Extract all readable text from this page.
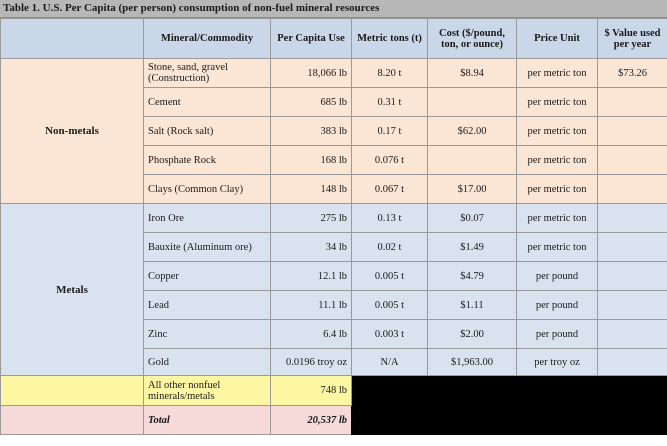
Table 1. U.S. Per Capita (per person) consumption of non-fuel mineral resources
	Mineral/Commodity	Per Capita Use	Metric tons (t)	Cost ($/pound, ton, or ounce)	Price Unit	$ Value used per year
Non-metals	Stone, sand, gravel (Construction)	18,066 lb	8.20 t	$8.94	per metric ton	$73.26
	Cement	685 lb	0.31 t		per metric ton	
	Salt (Rock salt)	383 lb	0.17 t	$62.00	per metric ton	
	Phosphate Rock	168 lb	0.076 t		per metric ton	
	Clays (Common Clay)	148 lb	0.067 t	$17.00	per metric ton	
Metals	Iron Ore	275 lb	0.13 t	$0.07	per metric ton	
	Bauxite (Aluminum ore)	34 lb	0.02 t	$1.49	per metric ton	
	Copper	12.1 lb	0.005 t	$4.79	per pound	
	Lead	11.1 lb	0.005 t	$1.11	per pound	
	Zinc	6.4 lb	0.003 t	$2.00	per pound	
	Gold	0.0196 troy oz	N/A	$1,963.00	per troy oz	
	All other nonfuel minerals/metals	748 lb				
	Total	20,537 lb				
